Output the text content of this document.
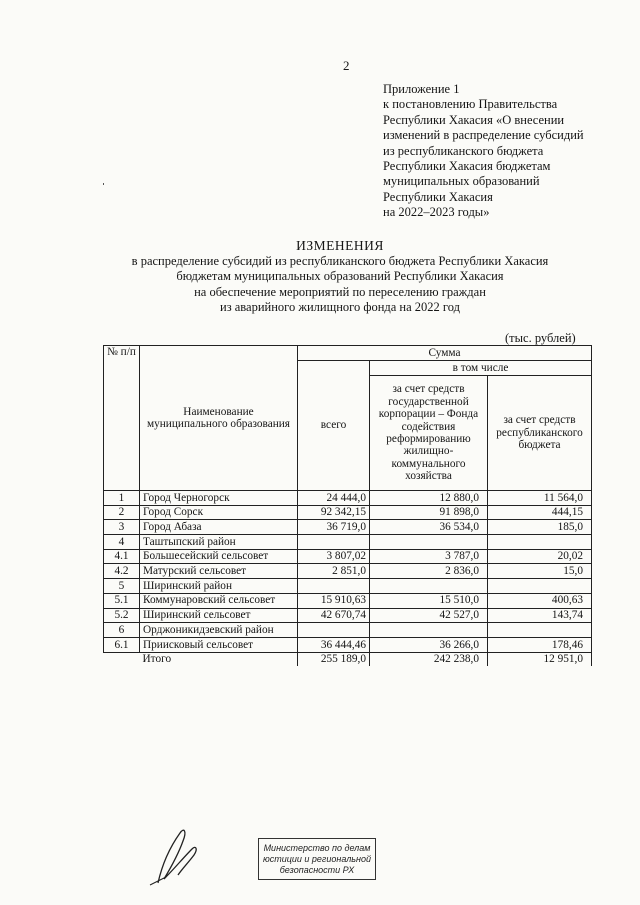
2
Приложение 1
к постановлению Правительства
Республики Хакасия «О внесении
изменений в распределение субсидий
из республиканского бюджета
Республики Хакасия бюджетам
муниципальных образований
Республики Хакасия
на 2022–2023 годы»
ИЗМЕНЕНИЯ
в распределение субсидий из республиканского бюджета Республики Хакасия
бюджетам муниципальных образований Республики Хакасия
на обеспечение мероприятий по переселению граждан
из аварийного жилищного фонда на 2022 год
(тыс. рублей)
№ п/п	Наименование муниципального образования	Сумма		
		всего	в том числе	
			за счет средств государственной корпорации – Фонда содействия реформированию жилищно-коммунального хозяйства	за счет средств республиканского бюджета
1	Город Черногорск	24 444,0	12 880,0	11 564,0
2	Город Сорск	92 342,15	91 898,0	444,15
3	Город Абаза	36 719,0	36 534,0	185,0
4	Таштыпский район			
4.1	Большесейский сельсовет	3 807,02	3 787,0	20,02
4.2	Матурский сельсовет	2 851,0	2 836,0	15,0
5	Ширинский район			
5.1	Коммунаровский сельсовет	15 910,63	15 510,0	400,63
5.2	Ширинский сельсовет	42 670,74	42 527,0	143,74
6	Орджоникидзевский район			
6.1	Приисковый сельсовет	36 444,46	36 266,0	178,46
	Итого	255 189,0	242 238,0	12 951,0
Министерство по делам
юстиции и региональной
безопасности РХ
